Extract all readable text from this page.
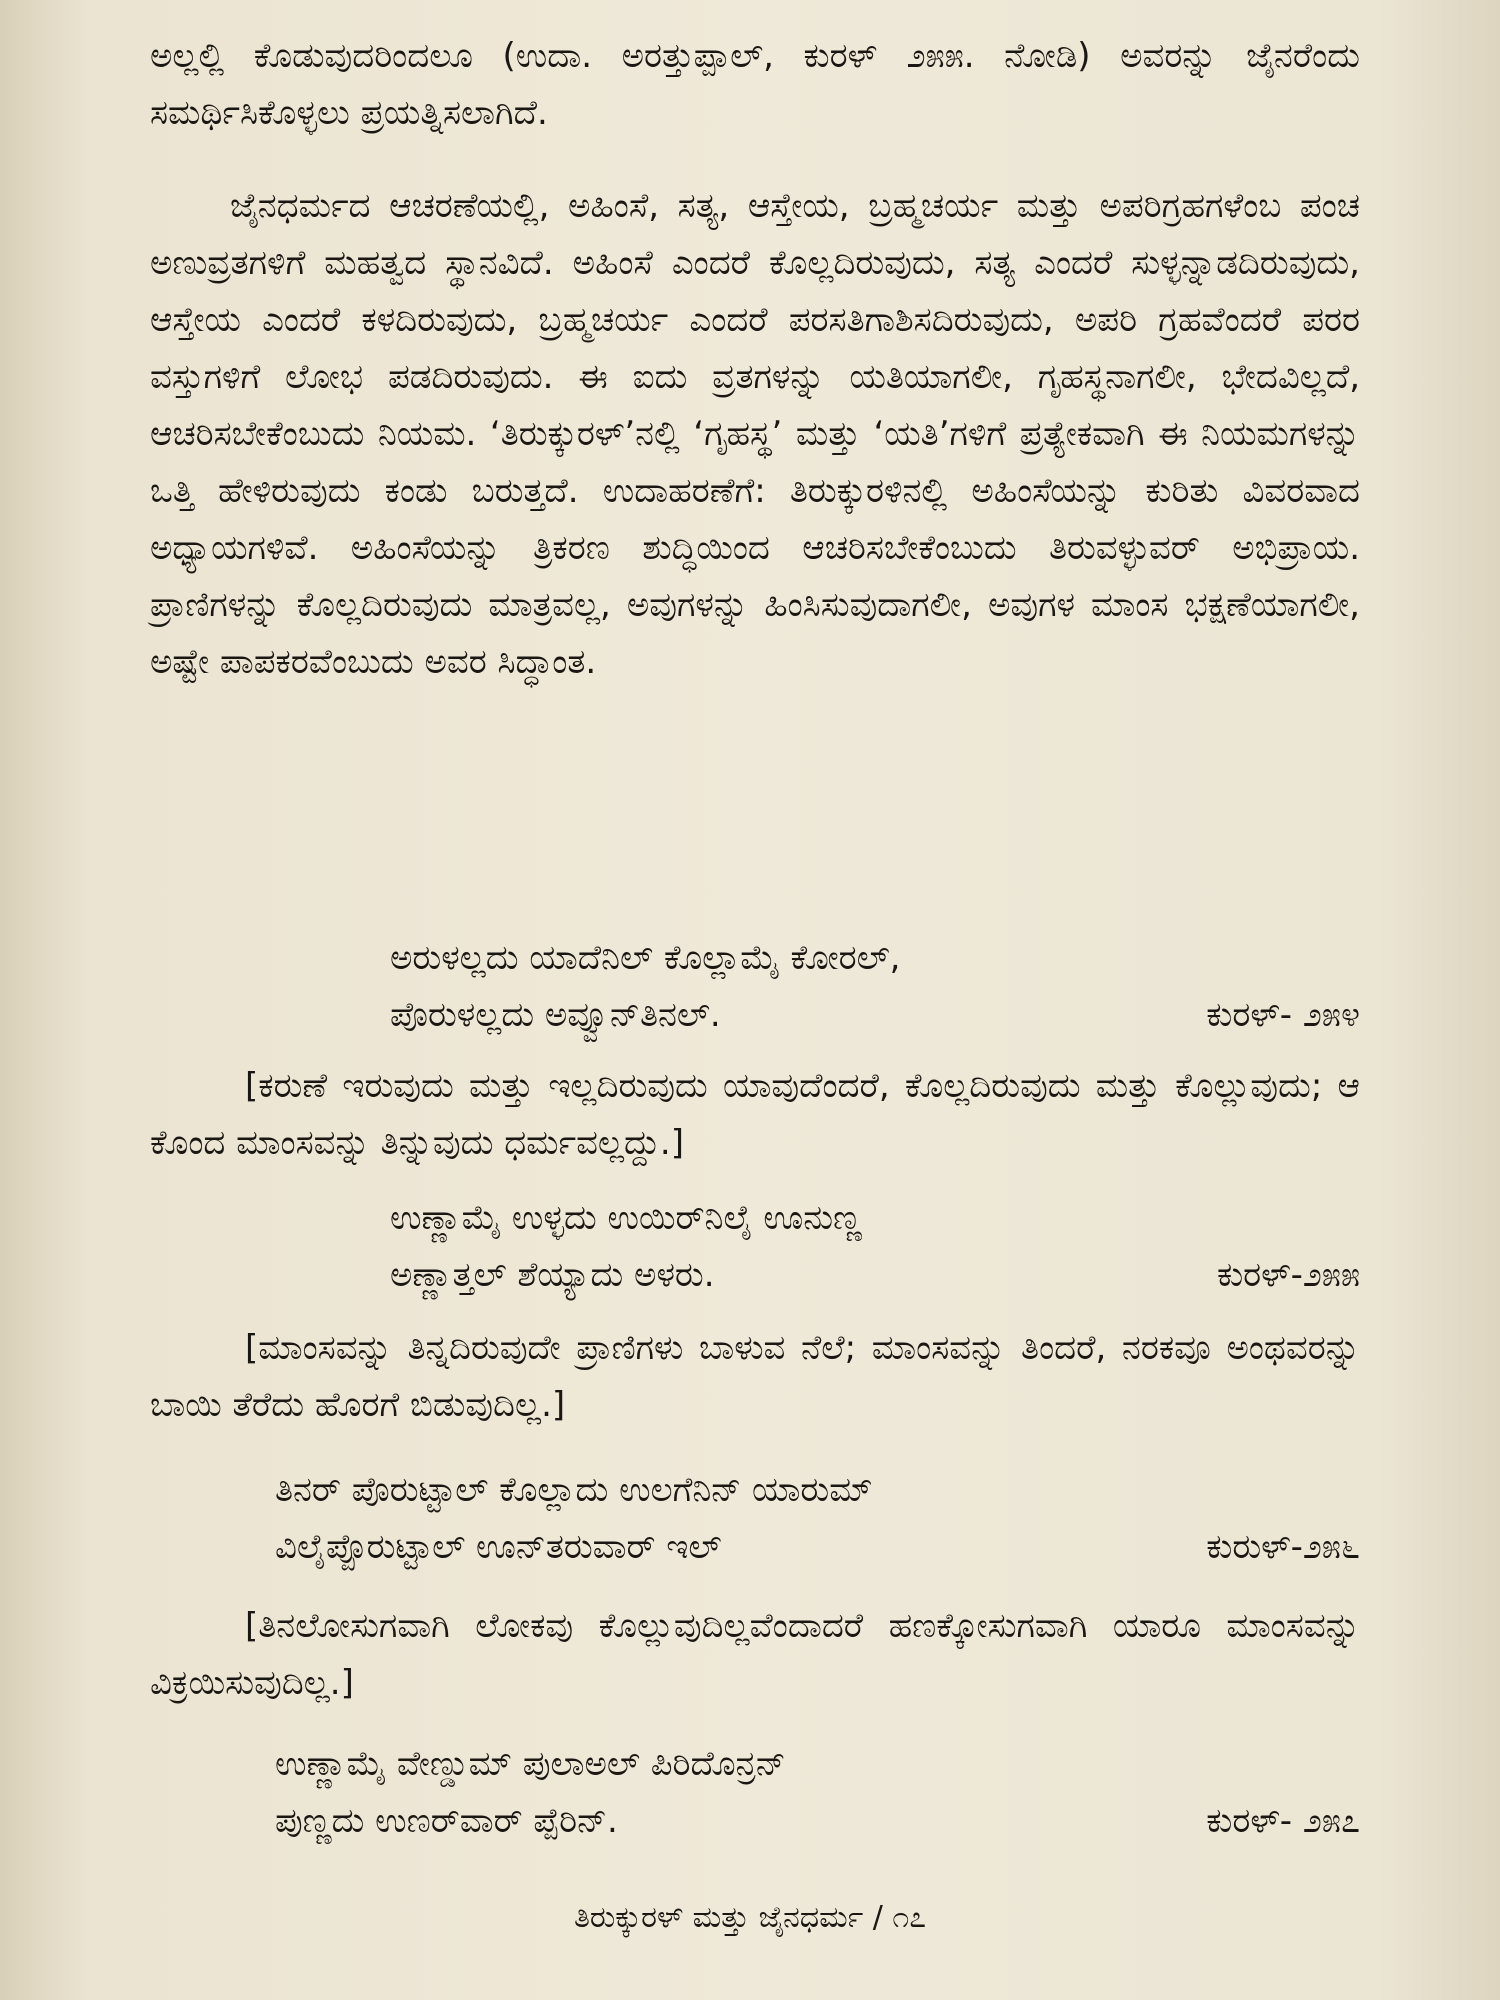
ಅಲ್ಲಲ್ಲಿ ಕೊಡುವುದರಿಂದಲೂ (ಉದಾ. ಅರತ್ತುಪ್ಪಾಲ್, ಕುರಳ್ ೨೫೫. ನೋಡಿ) ಅವರನ್ನು ಜೈನರೆಂದು ಸಮರ್ಥಿಸಿಕೊಳ್ಳಲು ಪ್ರಯತ್ನಿಸಲಾಗಿದೆ.

ಜೈನಧರ್ಮದ ಆಚರಣೆಯಲ್ಲಿ, ಅಹಿಂಸೆ, ಸತ್ಯ, ಆಸ್ತೇಯ, ಬ್ರಹ್ಮಚರ್ಯ ಮತ್ತು ಅಪರಿಗ್ರಹಗಳೆಂಬ ಪಂಚ ಅಣುವ್ರತಗಳಿಗೆ ಮಹತ್ವದ ಸ್ಥಾನವಿದೆ. ಅಹಿಂಸೆ ಎಂದರೆ ಕೊಲ್ಲದಿರುವುದು, ಸತ್ಯ ಎಂದರೆ ಸುಳ್ಳನ್ನಾಡದಿರುವುದು, ಆಸ್ತೇಯ ಎಂದರೆ ಕಳದಿರುವುದು, ಬ್ರಹ್ಮಚರ್ಯ ಎಂದರೆ ಪರಸತಿಗಾಶಿಸದಿರುವುದು, ಅಪರಿ ಗ್ರಹವೆಂದರೆ ಪರರ ವಸ್ತುಗಳಿಗೆ ಲೋಭ ಪಡದಿರುವುದು. ಈ ಐದು ವ್ರತಗಳನ್ನು ಯತಿಯಾಗಲೀ, ಗೃಹಸ್ಥನಾಗಲೀ, ಭೇದವಿಲ್ಲದೆ, ಆಚರಿಸಬೇಕೆಂಬುದು ನಿಯಮ. ‘ತಿರುಕ್ಕುರಳ್’ನಲ್ಲಿ ‘ಗೃಹಸ್ಥ’ ಮತ್ತು ‘ಯತಿ’ಗಳಿಗೆ ಪ್ರತ್ಯೇಕವಾಗಿ ಈ ನಿಯಮಗಳನ್ನು ಒತ್ತಿ ಹೇಳಿರುವುದು ಕಂಡು ಬರುತ್ತದೆ. ಉದಾಹರಣೆಗೆ: ತಿರುಕ್ಕುರಳಿನಲ್ಲಿ ಅಹಿಂಸೆಯನ್ನು ಕುರಿತು ವಿವರವಾದ ಅಧ್ಯಾಯಗಳಿವೆ. ಅಹಿಂಸೆಯನ್ನು ತ್ರಿಕರಣ ಶುದ್ಧಿಯಿಂದ ಆಚರಿಸಬೇಕೆಂಬುದು ತಿರುವಳ್ಳುವರ್ ಅಭಿಪ್ರಾಯ. ಪ್ರಾಣಿಗಳನ್ನು ಕೊಲ್ಲದಿರುವುದು ಮಾತ್ರವಲ್ಲ, ಅವುಗಳನ್ನು ಹಿಂಸಿಸುವುದಾಗಲೀ, ಅವುಗಳ ಮಾಂಸ ಭಕ್ಷಣೆಯಾಗಲೀ, ಅಷ್ಟೇ ಪಾಪಕರವೆಂಬುದು ಅವರ ಸಿದ್ಧಾಂತ.

ಅರುಳಲ್ಲದು ಯಾದೆನಿಲ್ ಕೊಲ್ಲಾಮೈ ಕೋರಲ್,
ಪೊರುಳಲ್ಲದು ಅವ್ವೂನ್‌ತಿನಲ್.	ಕುರಳ್- ೨೫೪

[ಕರುಣೆ ಇರುವುದು ಮತ್ತು ಇಲ್ಲದಿರುವುದು ಯಾವುದೆಂದರೆ, ಕೊಲ್ಲದಿರುವುದು ಮತ್ತು ಕೊಲ್ಲುವುದು; ಆ ಕೊಂದ ಮಾಂಸವನ್ನು ತಿನ್ನುವುದು ಧರ್ಮವಲ್ಲದ್ದು.]

ಉಣ್ಣಾಮೈ ಉಳ್ಳದು ಉಯಿರ್‌ನಿಲೈ ಊನುಣ್ಣ
ಅಣ್ಣಾತ್ತಲ್ ಶೆಯ್ಯಾದು ಅಳರು.	ಕುರಳ್-೨೫೫

[ಮಾಂಸವನ್ನು ತಿನ್ನದಿರುವುದೇ ಪ್ರಾಣಿಗಳು ಬಾಳುವ ನೆಲೆ; ಮಾಂಸವನ್ನು ತಿಂದರೆ, ನರಕವೂ ಅಂಥವರನ್ನು ಬಾಯಿ ತೆರೆದು ಹೊರಗೆ ಬಿಡುವುದಿಲ್ಲ.]

ತಿನರ್ ಪೊರುಟ್ಟಾಲ್ ಕೊಲ್ಲಾದು ಉಲಗೆನಿನ್ ಯಾರುಮ್
ವಿಲೈಪ್ಪೊರುಟ್ಟಾಲ್ ಊನ್‌ತರುವಾರ್ ಇಲ್	ಕುರುಳ್-೨೫೬

[ತಿನಲೋಸುಗವಾಗಿ ಲೋಕವು ಕೊಲ್ಲುವುದಿಲ್ಲವೆಂದಾದರೆ ಹಣಕ್ಕೋಸುಗವಾಗಿ ಯಾರೂ ಮಾಂಸವನ್ನು ವಿಕ್ರಯಿಸುವುದಿಲ್ಲ.]

ಉಣ್ಣಾಮೈ ವೇಣ್ಡುಮ್ ಪುಲಾಅಲ್ ಪಿರಿದೊನ್ರನ್
ಪುಣ್ಣದು ಉಣರ್‌ವಾರ್ ಪ್ಪೆರಿನ್.	ಕುರಳ್- ೨೫೭
ತಿರುಕ್ಕುರಳ್ ಮತ್ತು ಜೈನಧರ್ಮ / ೧೭
